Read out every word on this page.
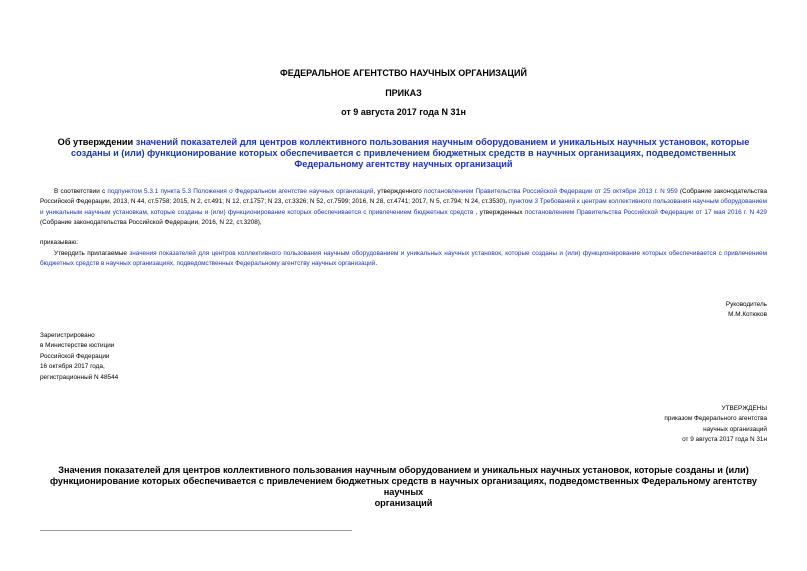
ФЕДЕРАЛЬНОЕ АГЕНТСТВО НАУЧНЫХ ОРГАНИЗАЦИЙ
ПРИКАЗ
от 9 августа 2017 года N 31н
Об утверждении значений показателей для центров коллективного пользования научным оборудованием и уникальных научных установок, которые созданы и (или) функционирование которых обеспечивается с привлечением бюджетных средств в научных организациях, подведомственных Федеральному агентству научных организаций
В соответствии с подпунктом 5.3.1 пункта 5.3 Положения о Федеральном агентстве научных организаций, утвержденного постановлением Правительства Российской Федерации от 25 октября 2013 г. N 959 (Собрание законодательства Российской Федерации, 2013, N 44, ст.5758; 2015, N 2, ст.491; N 12, ст.1757; N 23, ст.3326; N 52, ст.7599; 2016, N 28, ст.4741; 2017, N 5, ст.794; N 24, ст.3530), пунктом 3 Требований к центрам коллективного пользования научным оборудованием и уникальным научным установкам, которые созданы и (или) функционирование которых обеспечивается с привлечением бюджетных средств , утвержденных постановлением Правительства Российской Федерации от 17 мая 2016 г. N 429 (Собрание законодательства Российской Федерации, 2016, N 22, ст.3208),
приказываю:
Утвердить прилагаемые значения показателей для центров коллективного пользования научным оборудованием и уникальных научных установок, которые созданы и (или) функционирование которых обеспечивается с привлечением бюджетных средств в научных организациях, подведомственных Федеральному агентству научных организаций.
Руководитель
М.М.Котюков
Зарегистрировано
в Министерстве юстиции
Российской Федерации
16 октября 2017 года,
регистрационный N 48544
УТВЕРЖДЕНЫ
приказом Федерального агентства
научных организаций
от 9 августа 2017 года N 31н
Значения показателей для центров коллективного пользования научным оборудованием и уникальных научных установок, которые созданы и (или)
функционирование которых обеспечивается с привлечением бюджетных средств в научных организациях, подведомственных Федеральному агентству научных
организаций
